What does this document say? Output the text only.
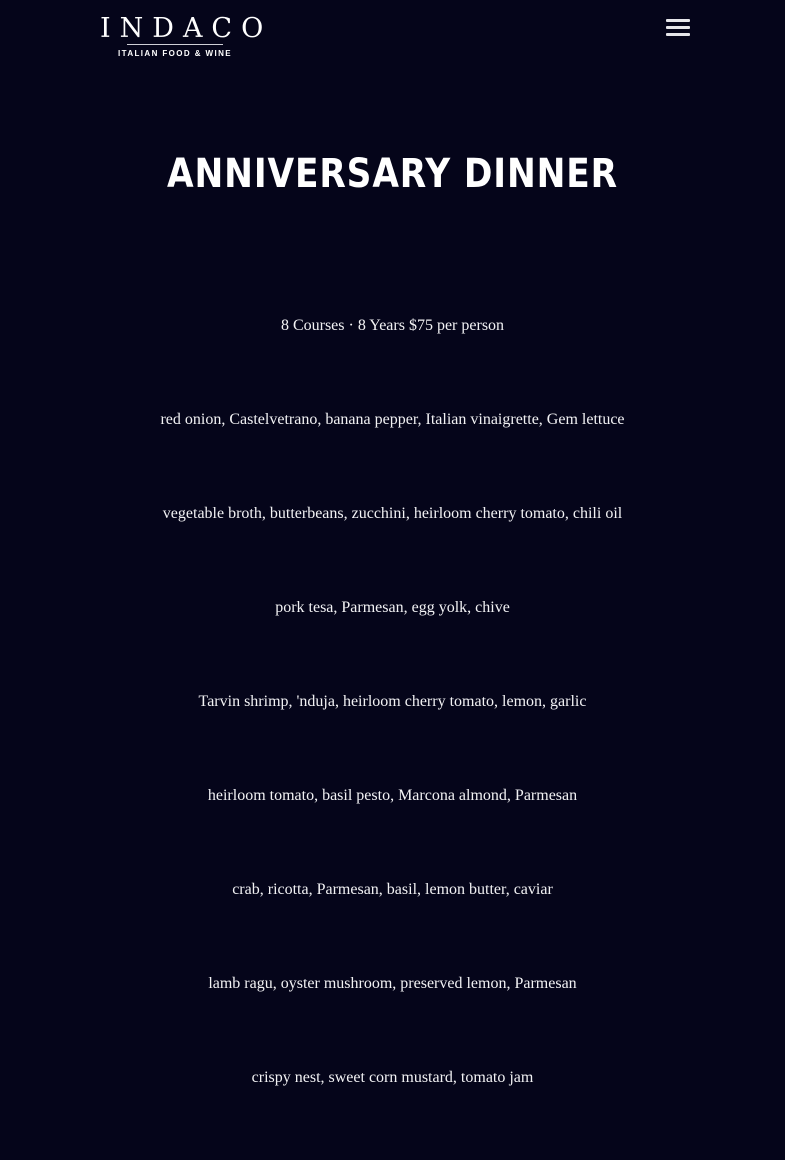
INDACO
ITALIAN FOOD & WINE
ANNIVERSARY DINNER
8 Courses · 8 Years $75 per person
red onion, Castelvetrano, banana pepper, Italian vinaigrette, Gem lettuce
vegetable broth, butterbeans, zucchini, heirloom cherry tomato, chili oil
pork tesa, Parmesan, egg yolk, chive
Tarvin shrimp, 'nduja, heirloom cherry tomato, lemon, garlic
heirloom tomato, basil pesto, Marcona almond, Parmesan
crab, ricotta, Parmesan, basil, lemon butter, caviar
lamb ragu, oyster mushroom, preserved lemon, Parmesan
crispy nest, sweet corn mustard, tomato jam
